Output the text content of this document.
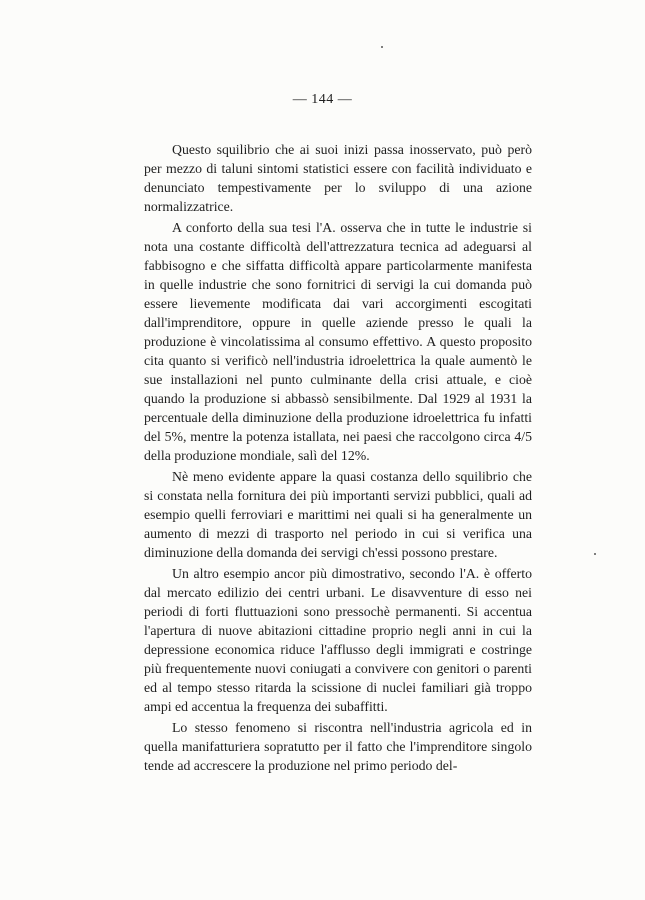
— 144 —

Questo squilibrio che ai suoi inizi passa inosservato, può però per mezzo di taluni sintomi statistici essere con facilità individuato e denunciato tempestivamente per lo sviluppo di una azione normalizzatrice.

A conforto della sua tesi l'A. osserva che in tutte le industrie si nota una costante difficoltà dell'attrezzatura tecnica ad adeguarsi al fabbisogno e che siffatta difficoltà appare particolarmente manifesta in quelle industrie che sono fornitrici di servigi la cui domanda può essere lievemente modificata dai vari accorgimenti escogitati dall'imprenditore, oppure in quelle aziende presso le quali la produzione è vincolatissima al consumo effettivo. A questo proposito cita quanto si verificò nell'industria idroelettrica la quale aumentò le sue installazioni nel punto culminante della crisi attuale, e cioè quando la produzione si abbassò sensibilmente. Dal 1929 al 1931 la percentuale della diminuzione della produzione idroelettrica fu infatti del 5%, mentre la potenza istallata, nei paesi che raccolgono circa 4/5 della produzione mondiale, salì del 12%.

Nè meno evidente appare la quasi costanza dello squilibrio che si constata nella fornitura dei più importanti servizi pubblici, quali ad esempio quelli ferroviari e marittimi nei quali si ha generalmente un aumento di mezzi di trasporto nel periodo in cui si verifica una diminuzione della domanda dei servigi ch'essi possono prestare.

Un altro esempio ancor più dimostrativo, secondo l'A. è offerto dal mercato edilizio dei centri urbani. Le disavventure di esso nei periodi di forti fluttuazioni sono pressochè permanenti. Si accentua l'apertura di nuove abitazioni cittadine proprio negli anni in cui la depressione economica riduce l'afflusso degli immigrati e costringe più frequentemente nuovi coniugati a convivere con genitori o parenti ed al tempo stesso ritarda la scissione di nuclei familiari già troppo ampi ed accentua la frequenza dei subaffitti.

Lo stesso fenomeno si riscontra nell'industria agricola ed in quella manifatturiera sopratutto per il fatto che l'imprenditore singolo tende ad accrescere la produzione nel primo periodo del-
